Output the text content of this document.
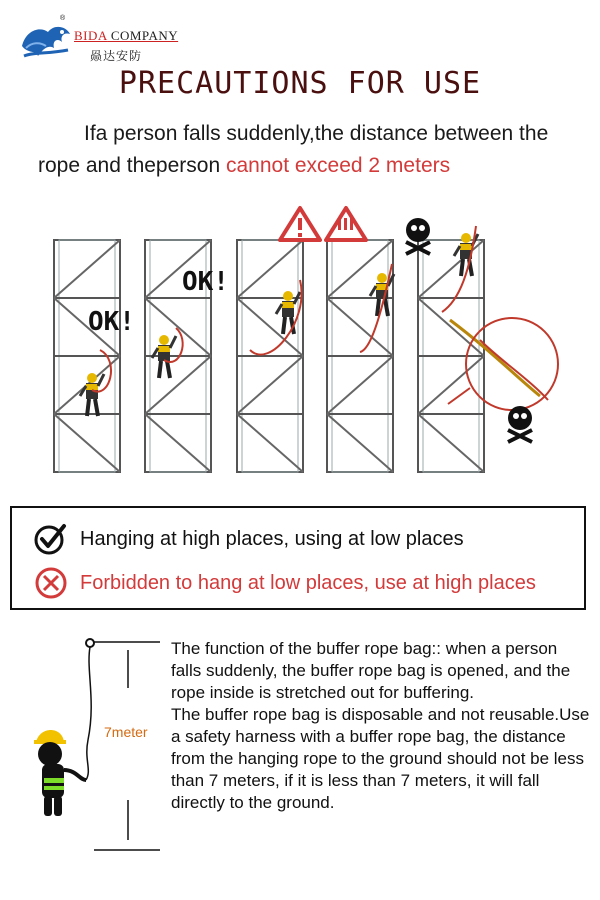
®
BIDA COMPANY
赑达安防
PRECAUTIONS FOR USE
Ifa person falls suddenly,the distance between the rope and theperson cannot exceed 2 meters
OK!
OK!
Hanging at high places, using at low places
Forbidden to hang at low places, use at high places
7meter

The function of the buffer rope bag:: when a person falls suddenly, the buffer rope bag is opened, and the rope inside is stretched out for buffering.

The buffer rope bag is disposable and not reusable.Use a safety harness with a buffer rope bag, the distance from the hanging rope to the ground should not be less than 7 meters, if it is less than 7 meters, it will fall directly to the ground.
